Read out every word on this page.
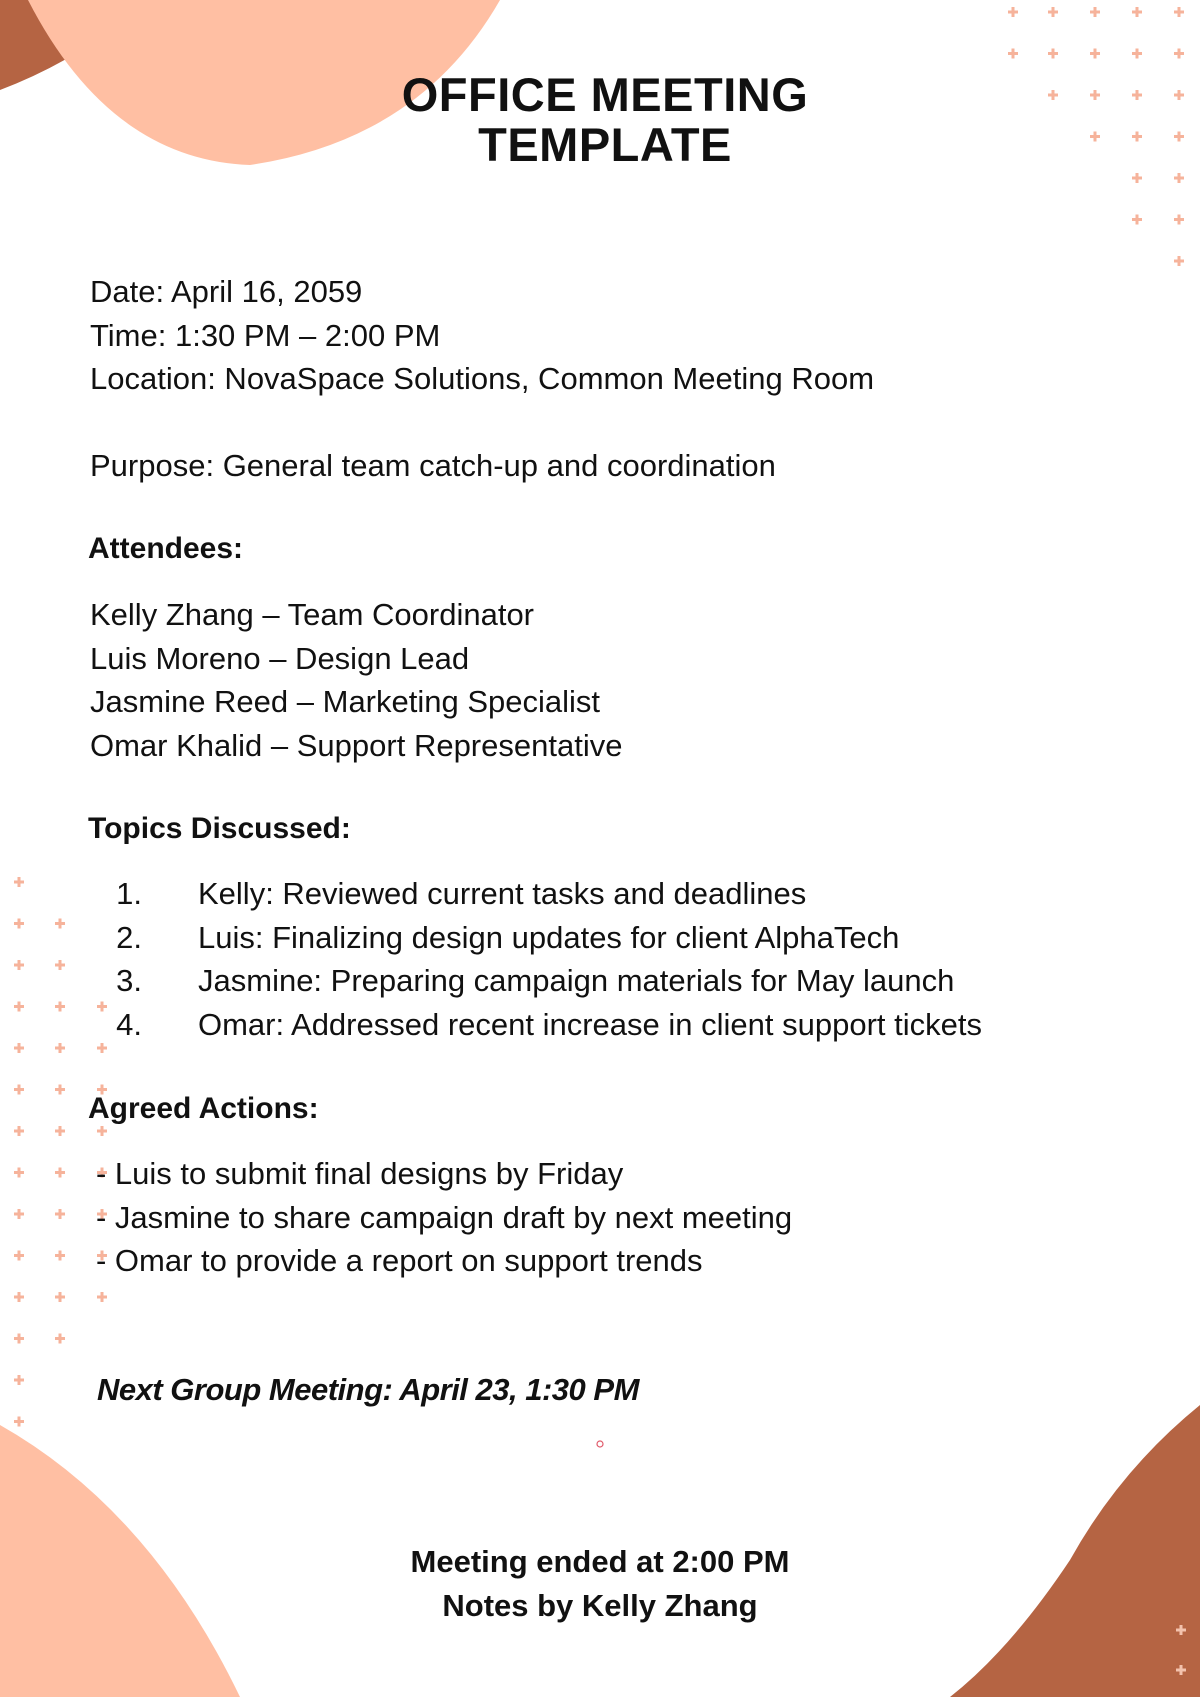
OFFICE MEETING
TEMPLATE
Date: April 16, 2059
Time: 1:30 PM – 2:00 PM
Location: NovaSpace Solutions, Common Meeting Room
Purpose: General team catch-up and coordination
Attendees:
Kelly Zhang – Team Coordinator
Luis Moreno – Design Lead
Jasmine Reed – Marketing Specialist
Omar Khalid – Support Representative
Topics Discussed:
1. Kelly: Reviewed current tasks and deadlines
2. Luis: Finalizing design updates for client AlphaTech
3. Jasmine: Preparing campaign materials for May launch
4. Omar: Addressed recent increase in client support tickets
Agreed Actions:
- Luis to submit final designs by Friday
- Jasmine to share campaign draft by next meeting
- Omar to provide a report on support trends
Next Group Meeting: April 23, 1:30 PM
Meeting ended at 2:00 PM
Notes by Kelly Zhang
